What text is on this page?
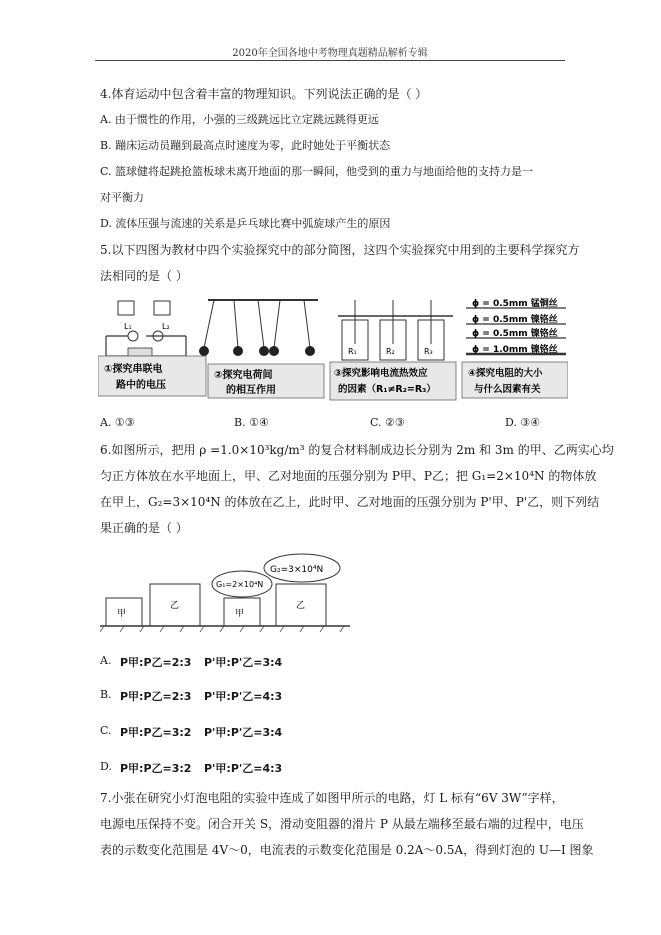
2020年全国各地中考物理真题精品解析专辑
4.体育运动中包含着丰富的物理知识。下列说法正确的是（ ）
A. 由于惯性的作用，小强的三级跳远比立定跳远跳得更远
B. 蹦床运动员蹦到最高点时速度为零，此时她处于平衡状态
C. 篮球健将起跳抢篮板球未离开地面的那一瞬间，他受到的重力与地面给他的支持力是一
对平衡力
D. 流体压强与流速的关系是乒乓球比赛中弧旋球产生的原因
5.以下四图为教材中四个实验探究中的部分简图，这四个实验探究中用到的主要科学探究方
法相同的是（ ）
L₁	L₂
①探究串联电
路中的电压
②探究电荷间
的相互作用
R₁	R₂	R₃
③探究影响电流热效应
的因素（R₁≠R₂=R₃）
ϕ = 0.5mm 锰铜丝
ϕ = 0.5mm 镍铬丝
ϕ = 0.5mm 镍铬丝
ϕ = 1.0mm 镍铬丝
④探究电阻的大小
与什么因素有关
A. ①③	B. ①④	C. ②③	D. ③④
6.如图所示，把用 ρ =1.0×10³kg/m³ 的复合材料制成边长分别为 2m 和 3m 的甲、乙两实心均
匀正方体放在水平地面上，甲、乙对地面的压强分别为 P甲、P乙；把 G₁=2×10⁴N 的物体放
在甲上，G₂=3×10⁴N 的体放在乙上，此时甲、乙对地面的压强分别为 P'甲、P'乙，则下列结
果正确的是（ ）
甲
乙
甲
G₁=2×10⁴N
乙
G₂=3×10⁴N
A. P甲:P乙=2:3 P'甲:P'乙=3:4
B. P甲:P乙=2:3 P'甲:P'乙=4:3
C. P甲:P乙=3:2 P'甲:P'乙=3:4
D. P甲:P乙=3:2 P'甲:P'乙=4:3
7.小张在研究小灯泡电阻的实验中连成了如图甲所示的电路，灯 L 标有“6V 3W”字样，
电源电压保持不变。闭合开关 S，滑动变阻器的滑片 P 从最左端移至最右端的过程中，电压
表的示数变化范围是 4V～0，电流表的示数变化范围是 0.2A～0.5A，得到灯泡的 U—I 图象
